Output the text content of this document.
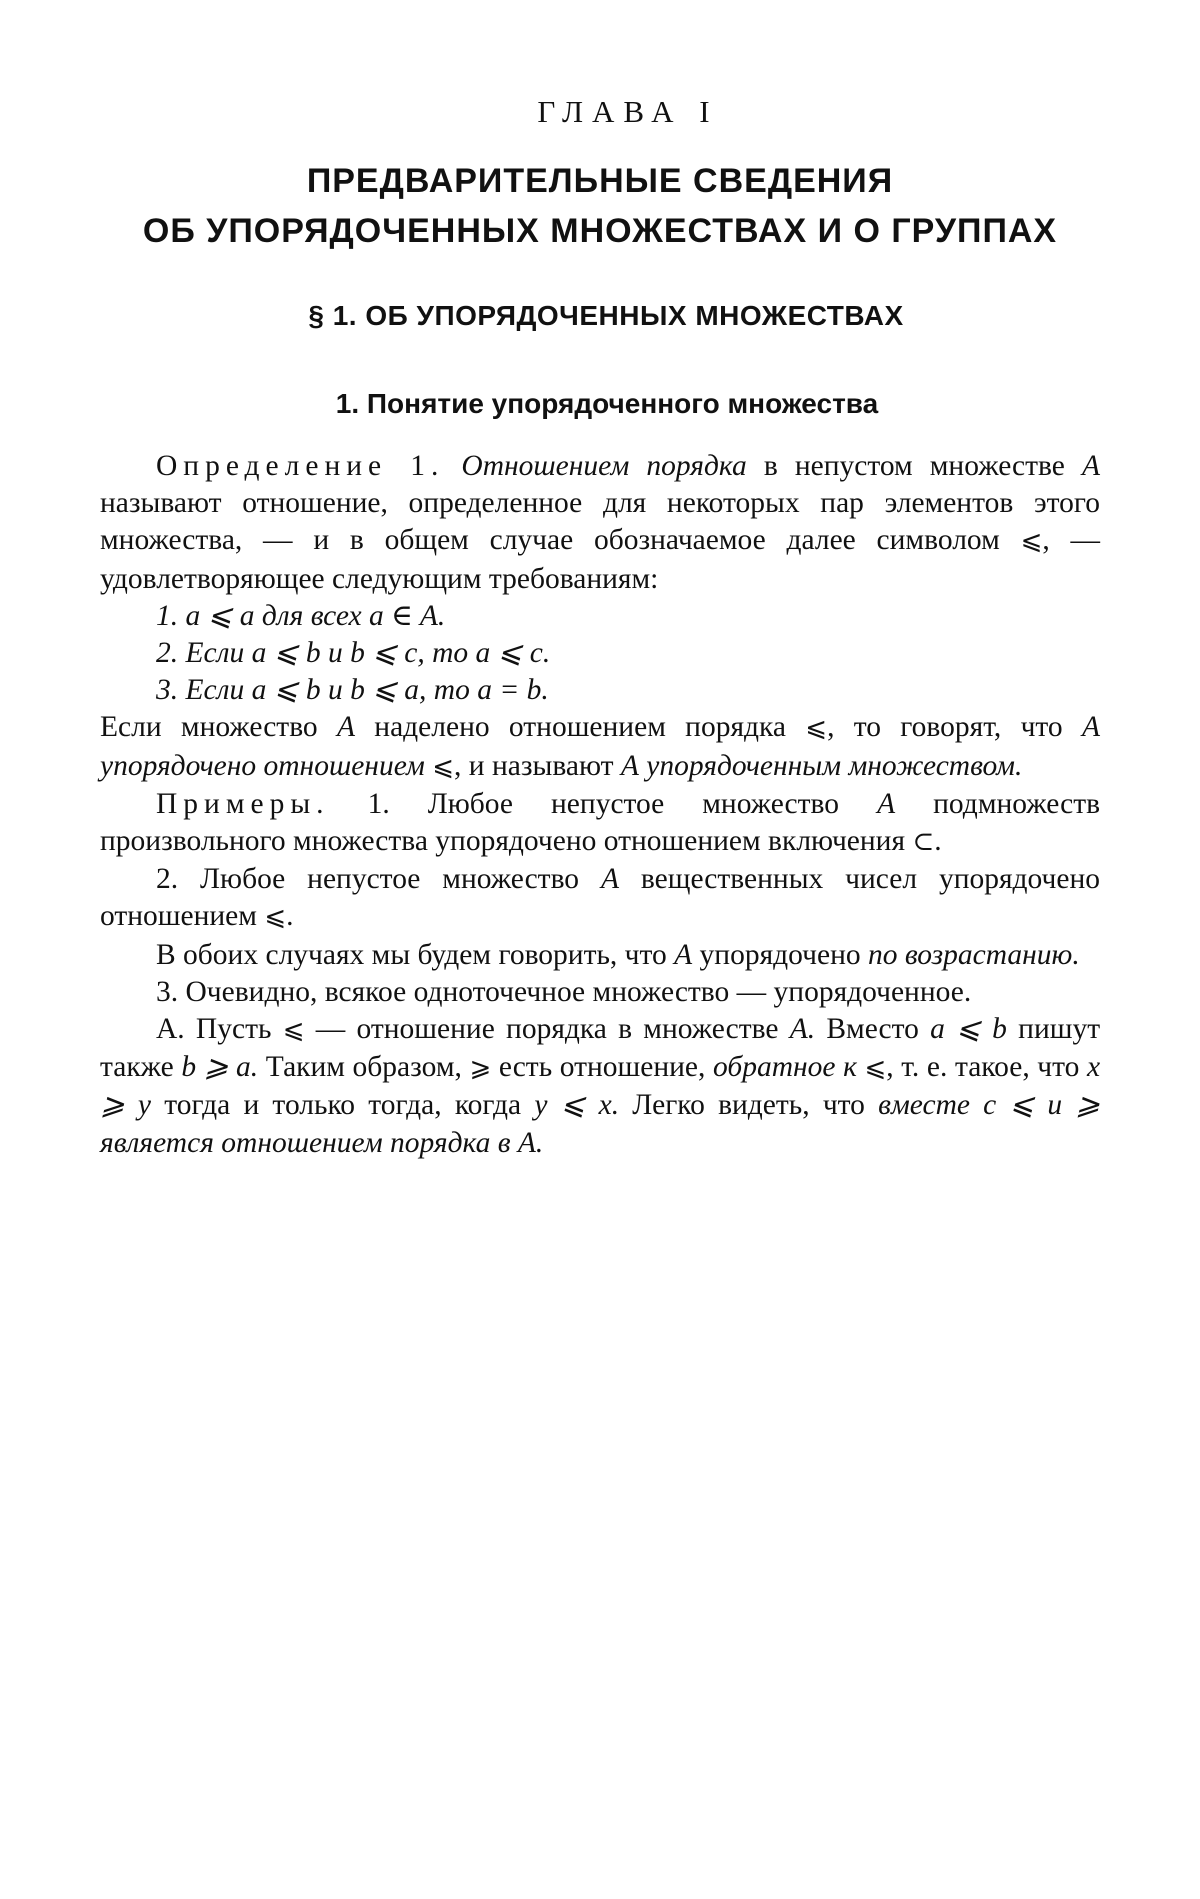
ГЛАВА I
ПРЕДВАРИТЕЛЬНЫЕ СВЕДЕНИЯ
ОБ УПОРЯДОЧЕННЫХ МНОЖЕСТВАХ И О ГРУППАХ
§ 1. ОБ УПОРЯДОЧЕННЫХ МНОЖЕСТВАХ
1. Понятие упорядоченного множества

Определение 1. Отношением порядка в непустом множестве A называют отношение, определенное для некоторых пар элементов этого множества, — и в общем случае обозначаемое далее символом ⩽, — удовлетворяющее следующим требованиям:

1. a ⩽ a для всех a ∈ A.

2. Если a ⩽ b и b ⩽ c, то a ⩽ c.

3. Если a ⩽ b и b ⩽ a, то a = b.

Если множество A наделено отношением порядка ⩽, то говорят, что A упорядочено отношением ⩽, и называют A упорядоченным множеством.

Примеры. 1. Любое непустое множество A подмножеств произвольного множества упорядочено отношением включения ⊂.

2. Любое непустое множество A вещественных чисел упорядочено отношением ⩽.

В обоих случаях мы будем говорить, что A упорядочено по возрастанию.

3. Очевидно, всякое одноточечное множество — упорядоченное.

А. Пусть ⩽ — отношение порядка в множестве A. Вместо a ⩽ b пишут также b ⩾ a. Таким образом, ⩾ есть отношение, обратное к ⩽, т. е. такое, что x ⩾ y тогда и только тогда, когда y ⩽ x. Легко видеть, что вместе с ⩽ и ⩾ является отношением порядка в A.
